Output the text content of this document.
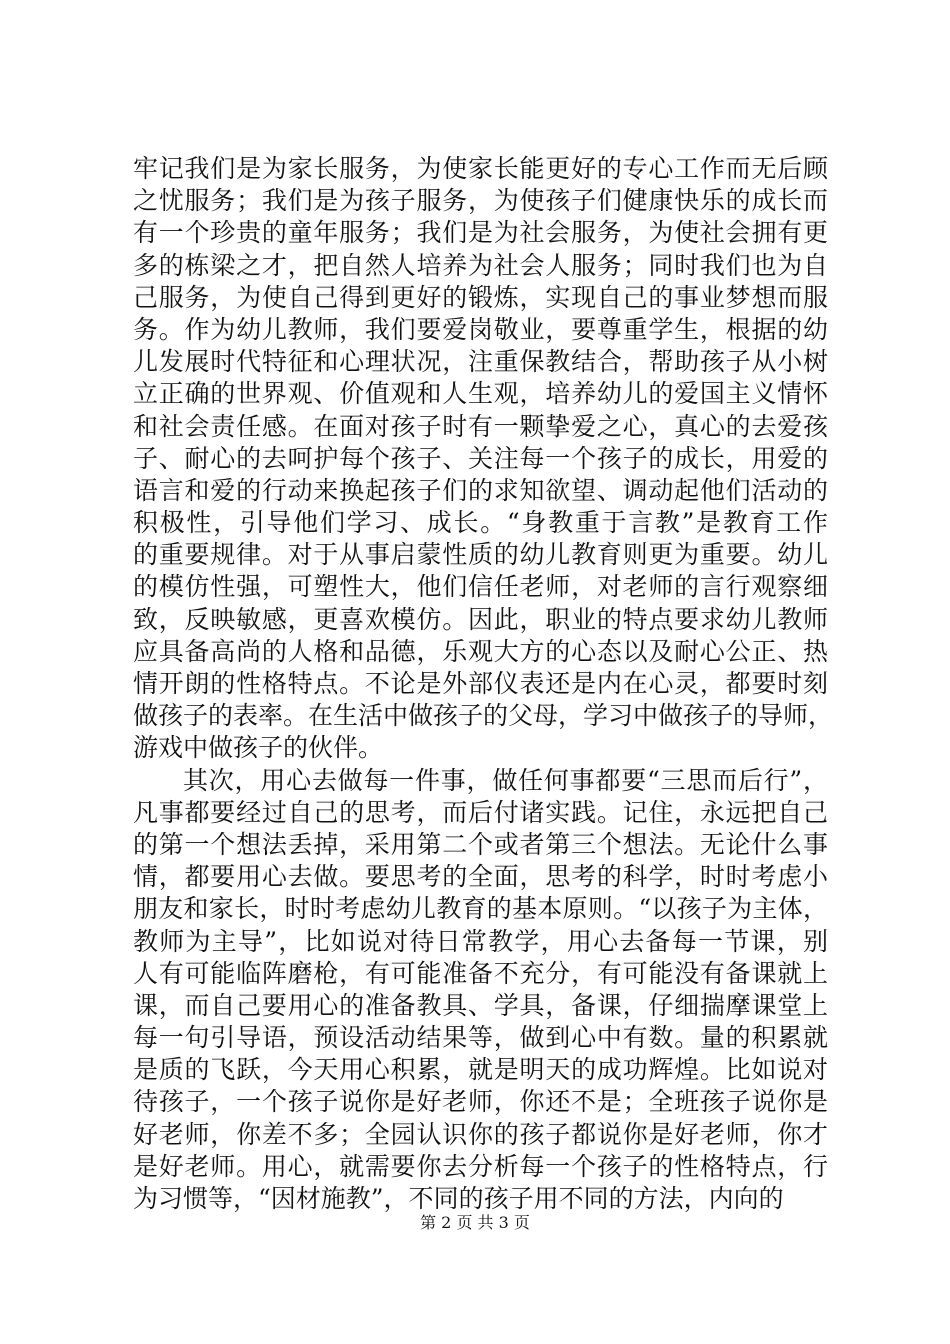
牢记我们是为家长服务，为使家长能更好的专心工作而无后顾
之忧服务；我们是为孩子服务，为使孩子们健康快乐的成长而
有一个珍贵的童年服务；我们是为社会服务，为使社会拥有更
多的栋梁之才，把自然人培养为社会人服务；同时我们也为自
己服务，为使自己得到更好的锻炼，实现自己的事业梦想而服
务。作为幼儿教师，我们要爱岗敬业，要尊重学生，根据的幼
儿发展时代特征和心理状况，注重保教结合，帮助孩子从小树
立正确的世界观、价值观和人生观，培养幼儿的爱国主义情怀
和社会责任感。在面对孩子时有一颗挚爱之心，真心的去爱孩
子、耐心的去呵护每个孩子、关注每一个孩子的成长，用爱的
语言和爱的行动来换起孩子们的求知欲望、调动起他们活动的
积极性，引导他们学习、成长。“身教重于言教”是教育工作
的重要规律。对于从事启蒙性质的幼儿教育则更为重要。幼儿
的模仿性强，可塑性大，他们信任老师，对老师的言行观察细
致，反映敏感，更喜欢模仿。因此，职业的特点要求幼儿教师
应具备高尚的人格和品德，乐观大方的心态以及耐心公正、热
情开朗的性格特点。不论是外部仪表还是内在心灵，都要时刻
做孩子的表率。在生活中做孩子的父母，学习中做孩子的导师，
游戏中做孩子的伙伴。
其次，用心去做每一件事，做任何事都要“三思而后行”，
凡事都要经过自己的思考，而后付诸实践。记住，永远把自己
的第一个想法丢掉，采用第二个或者第三个想法。无论什么事
情，都要用心去做。要思考的全面，思考的科学，时时考虑小
朋友和家长，时时考虑幼儿教育的基本原则。“以孩子为主体，
教师为主导”，比如说对待日常教学，用心去备每一节课，别
人有可能临阵磨枪，有可能准备不充分，有可能没有备课就上
课，而自己要用心的准备教具、学具，备课，仔细揣摩课堂上
每一句引导语，预设活动结果等，做到心中有数。量的积累就
是质的飞跃，今天用心积累，就是明天的成功辉煌。比如说对
待孩子，一个孩子说你是好老师，你还不是；全班孩子说你是
好老师，你差不多；全园认识你的孩子都说你是好老师，你才
是好老师。用心，就需要你去分析每一个孩子的性格特点，行
为习惯等，“因材施教”，不同的孩子用不同的方法，内向的
第 2 页 共 3 页
